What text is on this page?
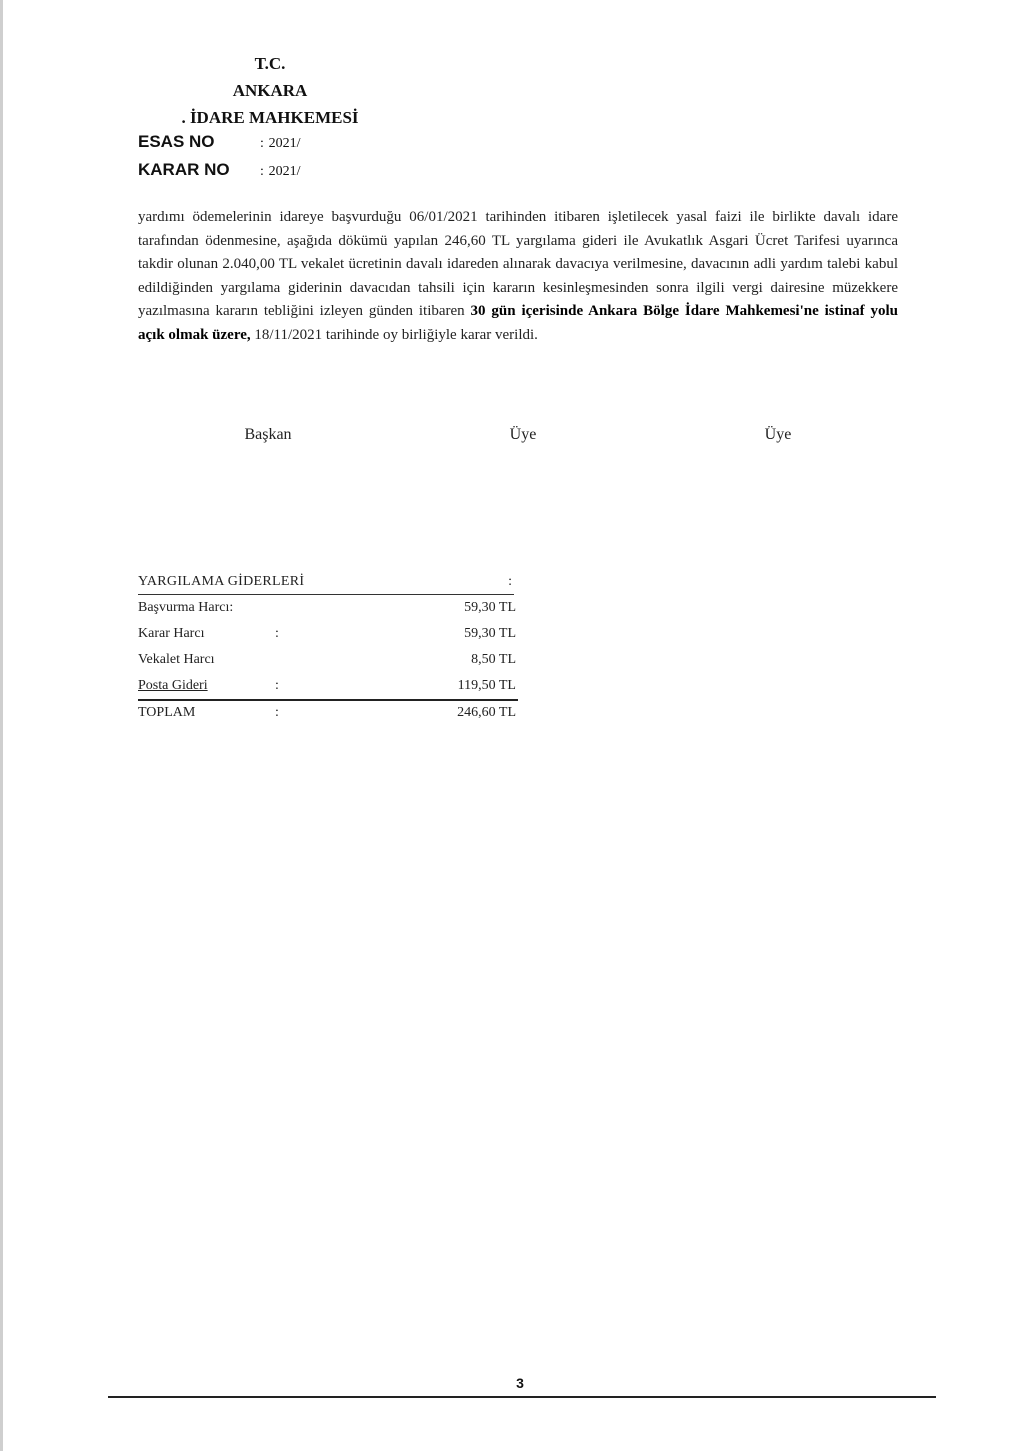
T.C.
ANKARA
. İDARE MAHKEMESİ
ESAS NO	: 2021/
KARAR NO : 2021/
yardımı ödemelerinin idareye başvurduğu 06/01/2021 tarihinden itibaren işletilecek yasal faizi ile birlikte davalı idare tarafından ödenmesine, aşağıda dökümü yapılan 246,60 TL yargılama gideri ile Avukatlık Asgari Ücret Tarifesi uyarınca takdir olunan 2.040,00 TL vekalet ücretinin davalı idareden alınarak davacıya verilmesine, davacının adli yardım talebi kabul edildiğinden yargılama giderinin davacıdan tahsili için kararın kesinleşmesinden sonra ilgili vergi dairesine müzekkere yazılmasına kararın tebliğini izleyen günden itibaren 30 gün içerisinde Ankara Bölge İdare Mahkemesi'ne istinaf yolu açık olmak üzere, 18/11/2021 tarihinde oy birliğiyle karar verildi.
Başkan	Üye	Üye
YARGILAMA GİDERLERİ	:
Başvurma Harcı:	59,30 TL
Karar Harcı	:	59,30 TL
Vekalet Harcı	8,50 TL
Posta Gideri	:	119,50 TL
TOPLAM	:	246,60 TL
3
